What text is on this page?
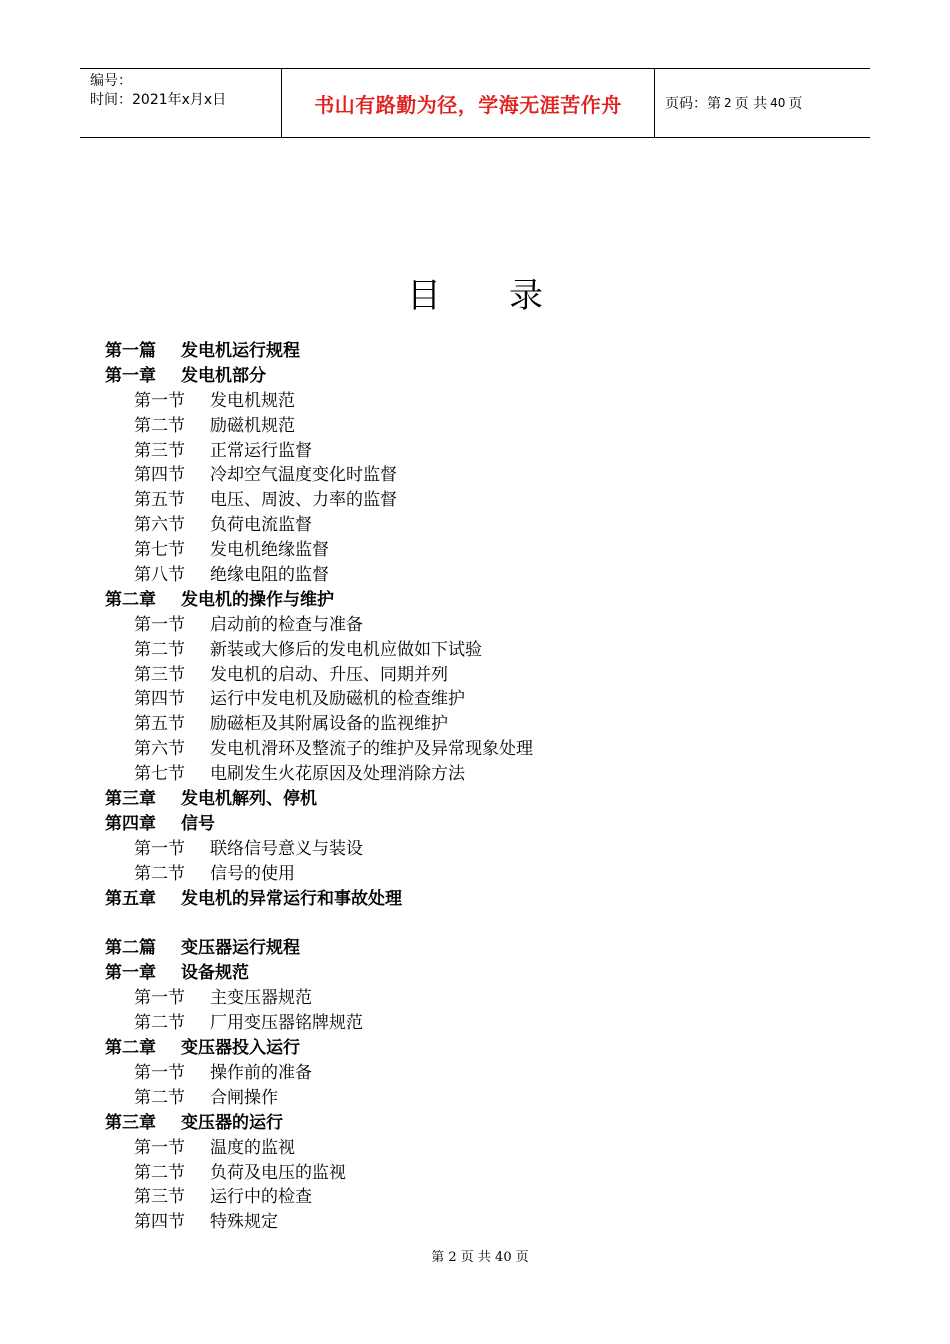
编号：
时间：2021年x月x日	书山有路勤为径，学海无涯苦作舟	页码：第 2 页 共 40 页
目 录
第一篇 发电机运行规程
第一章 发电机部分
第一节 发电机规范
第二节 励磁机规范
第三节 正常运行监督
第四节 冷却空气温度变化时监督
第五节 电压、周波、力率的监督
第六节 负荷电流监督
第七节 发电机绝缘监督
第八节 绝缘电阻的监督
第二章 发电机的操作与维护
第一节 启动前的检查与准备
第二节 新装或大修后的发电机应做如下试验
第三节 发电机的启动、升压、同期并列
第四节 运行中发电机及励磁机的检查维护
第五节 励磁柜及其附属设备的监视维护
第六节 发电机滑环及整流子的维护及异常现象处理
第七节 电刷发生火花原因及处理消除方法
第三章 发电机解列、停机
第四章 信号
第一节 联络信号意义与装设
第二节 信号的使用
第五章 发电机的异常运行和事故处理
第二篇 变压器运行规程
第一章 设备规范
第一节 主变压器规范
第二节 厂用变压器铭牌规范
第二章 变压器投入运行
第一节 操作前的准备
第二节 合闸操作
第三章 变压器的运行
第一节 温度的监视
第二节 负荷及电压的监视
第三节 运行中的检查
第四节 特殊规定
第 2 页 共 40 页
